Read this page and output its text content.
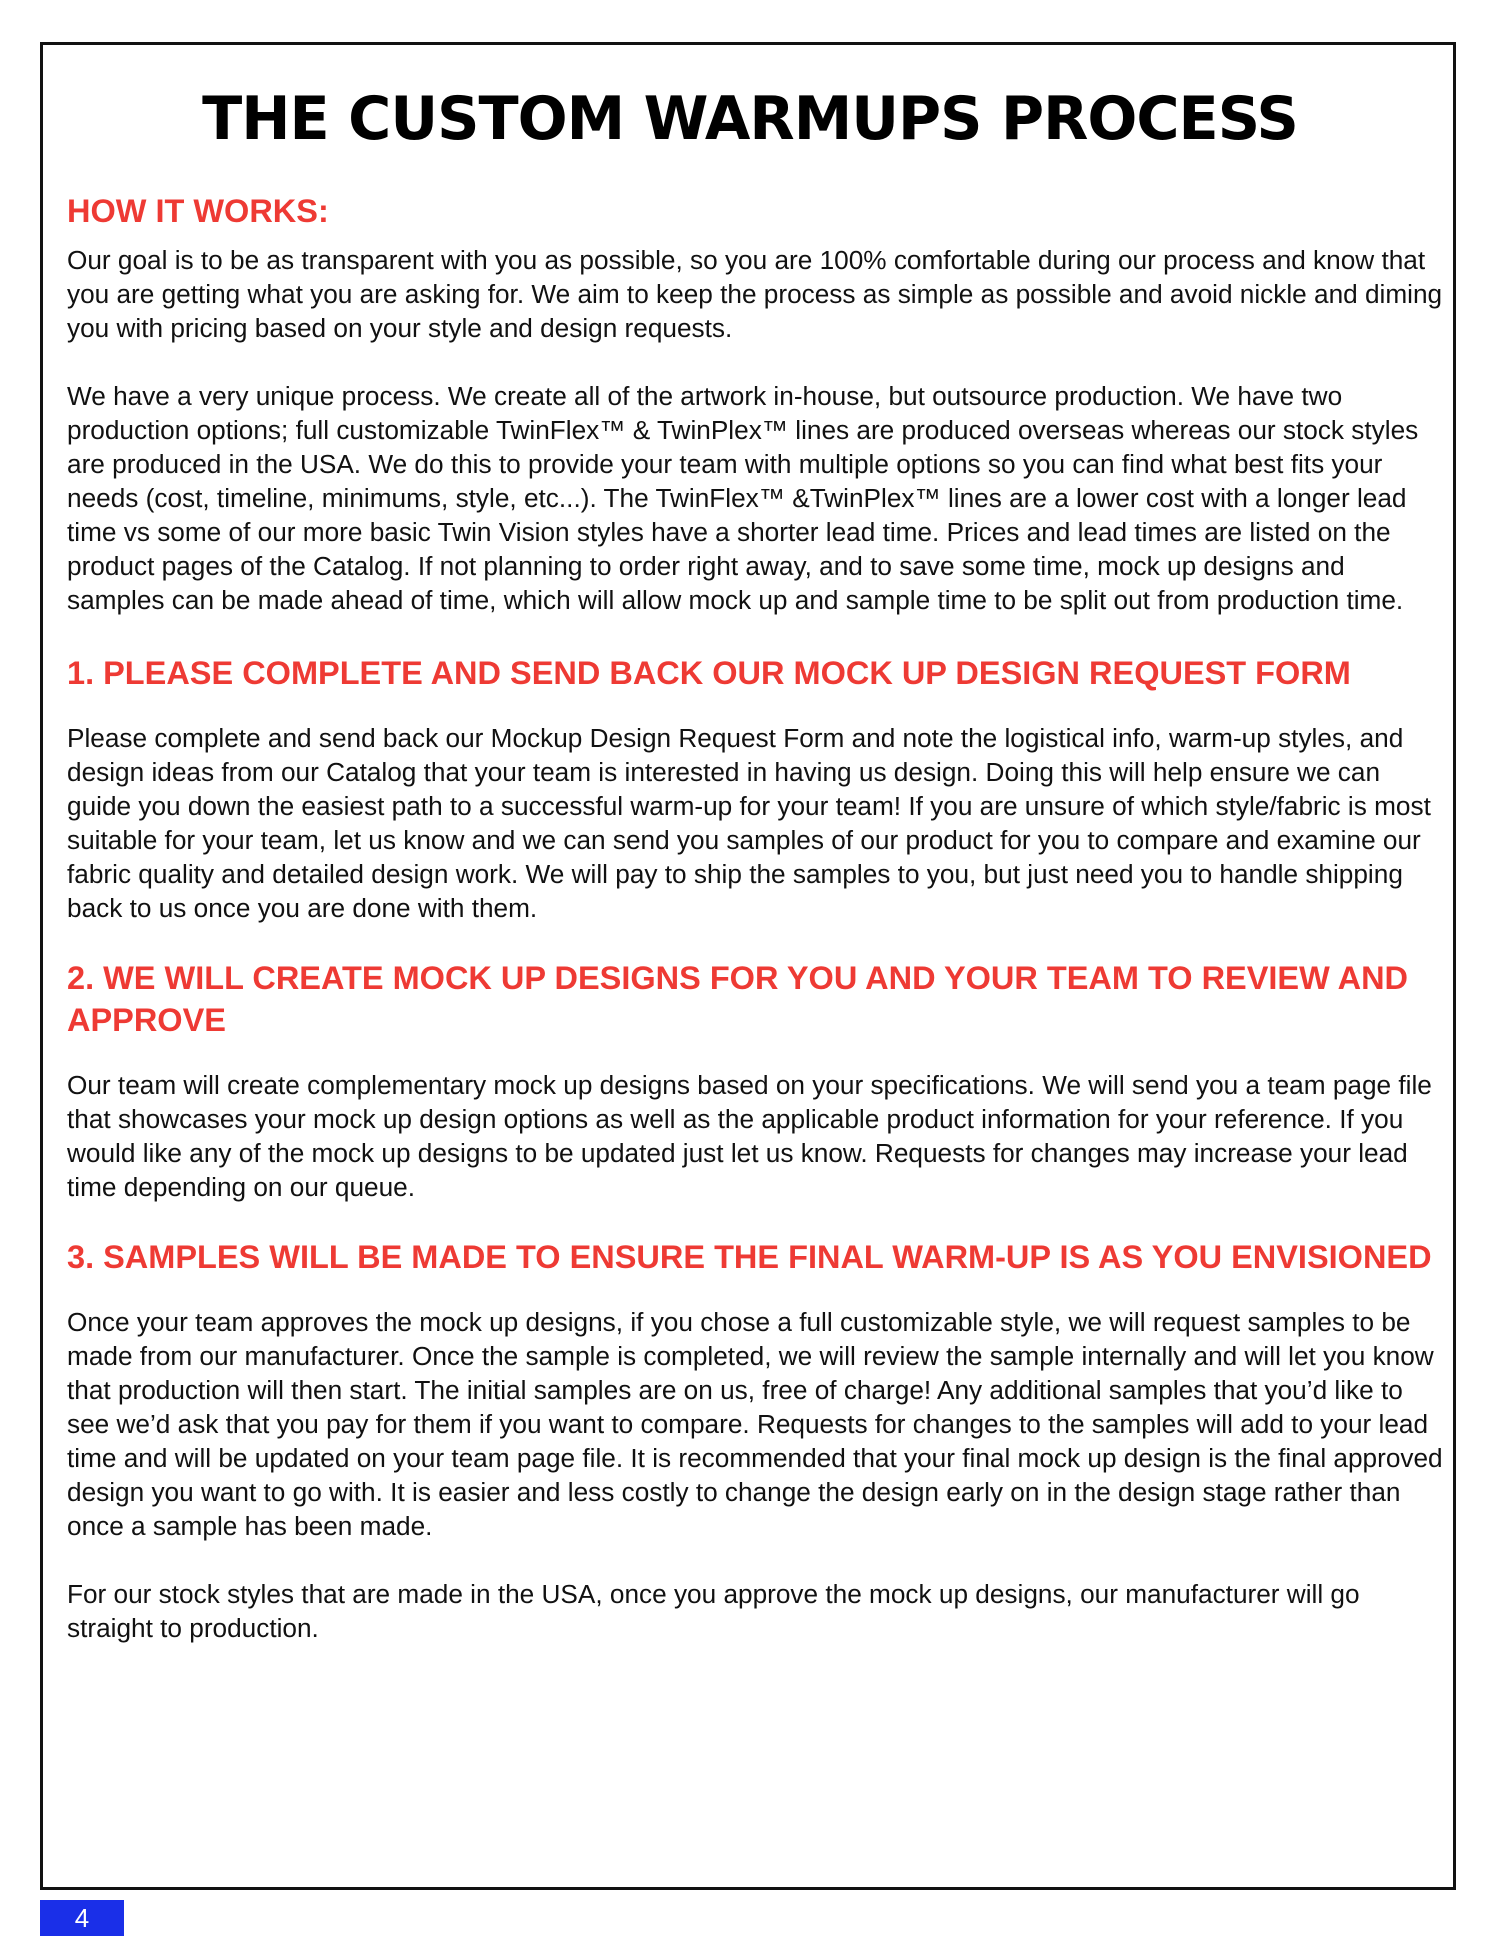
THE CUSTOM WARMUPS PROCESS
HOW IT WORKS:

Our goal is to be as transparent with you as possible, so you are 100% comfortable during our process and know that you are getting what you are asking for. We aim to keep the process as simple as possible and avoid nickle and diming you with pricing based on your style and design requests.

We have a very unique process. We create all of the artwork in-house, but outsource production. We have two production options; full customizable TwinFlex™ & TwinPlex™ lines are produced overseas whereas our stock styles are produced in the USA. We do this to provide your team with multiple options so you can find what best fits your needs (cost, timeline, minimums, style, etc...). The TwinFlex™ &TwinPlex™ lines are a lower cost with a longer lead time vs some of our more basic Twin Vision styles have a shorter lead time. Prices and lead times are listed on the product pages of the Catalog. If not planning to order right away, and to save some time, mock up designs and samples can be made ahead of time, which will allow mock up and sample time to be split out from production time.

1. PLEASE COMPLETE AND SEND BACK OUR MOCK UP DESIGN REQUEST FORM

Please complete and send back our Mockup Design Request Form and note the logistical info, warm-up styles, and design ideas from our Catalog that your team is interested in having us design. Doing this will help ensure we can guide you down the easiest path to a successful warm-up for your team! If you are unsure of which style/fabric is most suitable for your team, let us know and we can send you samples of our product for you to compare and examine our fabric quality and detailed design work. We will pay to ship the samples to you, but just need you to handle shipping back to us once you are done with them.

2. WE WILL CREATE MOCK UP DESIGNS FOR YOU AND YOUR TEAM TO REVIEW AND APPROVE

Our team will create complementary mock up designs based on your specifications. We will send you a team page file that showcases your mock up design options as well as the applicable product information for your reference. If you would like any of the mock up designs to be updated just let us know. Requests for changes may increase your lead time depending on our queue.

3. SAMPLES WILL BE MADE TO ENSURE THE FINAL WARM-UP IS AS YOU ENVISIONED

Once your team approves the mock up designs, if you chose a full customizable style, we will request samples to be made from our manufacturer. Once the sample is completed, we will review the sample internally and will let you know that production will then start. The initial samples are on us, free of charge! Any additional samples that you’d like to see we’d ask that you pay for them if you want to compare. Requests for changes to the samples will add to your lead time and will be updated on your team page file. It is recommended that your final mock up design is the final approved design you want to go with. It is easier and less costly to change the design early on in the design stage rather than once a sample has been made.

For our stock styles that are made in the USA, once you approve the mock up designs, our manufacturer will go straight to production.

4
